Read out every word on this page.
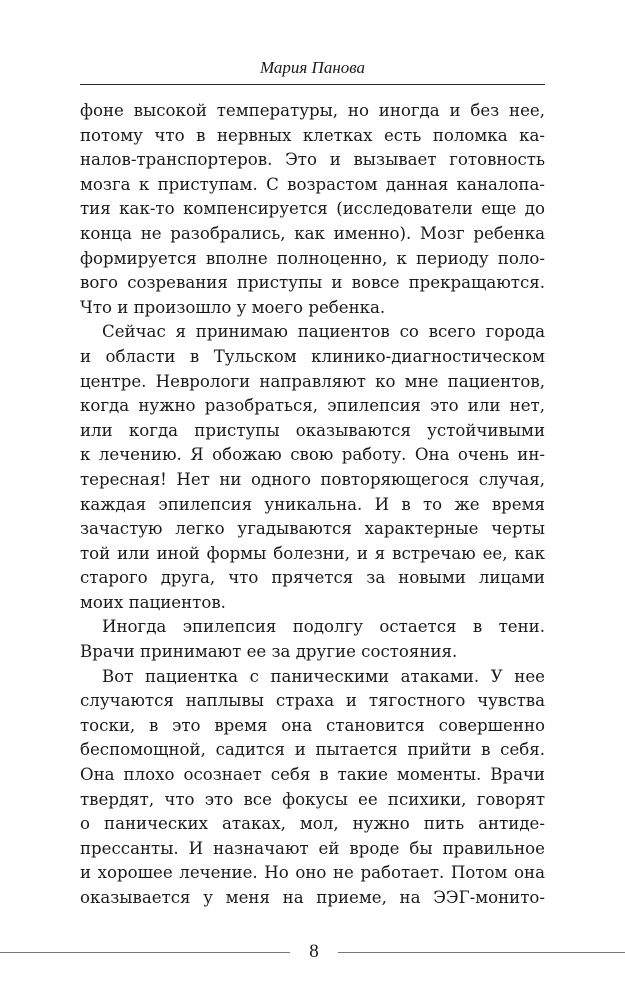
Мария Панова
фоне высокой температуры, но иногда и без нее,
потому что в нервных клетках есть поломка ка-
налов-транспортеров. Это и вызывает готовность
мозга к приступам. С возрастом данная каналопа-
тия как-то компенсируется (исследователи еще до
конца не разобрались, как именно). Мозг ребенка
формируется вполне полноценно, к периоду поло-
вого созревания приступы и вовсе прекращаются.
Что и произошло у моего ребенка.
Сейчас я принимаю пациентов со всего города
и области в Тульском клинико-диагностическом
центре. Неврологи направляют ко мне пациентов,
когда нужно разобраться, эпилепсия это или нет,
или когда приступы оказываются устойчивыми
к лечению. Я обожаю свою работу. Она очень ин-
тересная! Нет ни одного повторяющегося случая,
каждая эпилепсия уникальна. И в то же время
зачастую легко угадываются характерные черты
той или иной формы болезни, и я встречаю ее, как
старого друга, что прячется за новыми лицами
моих пациентов.
Иногда эпилепсия подолгу остается в тени.
Врачи принимают ее за другие состояния.
Вот пациентка с паническими атаками. У нее
случаются наплывы страха и тягостного чувства
тоски, в это время она становится совершенно
беспомощной, садится и пытается прийти в себя.
Она плохо осознает себя в такие моменты. Врачи
твердят, что это все фокусы ее психики, говорят
о панических атаках, мол, нужно пить антиде-
прессанты. И назначают ей вроде бы правильное
и хорошее лечение. Но оно не работает. Потом она
оказывается у меня на приеме, на ЭЭГ-монито-
8
